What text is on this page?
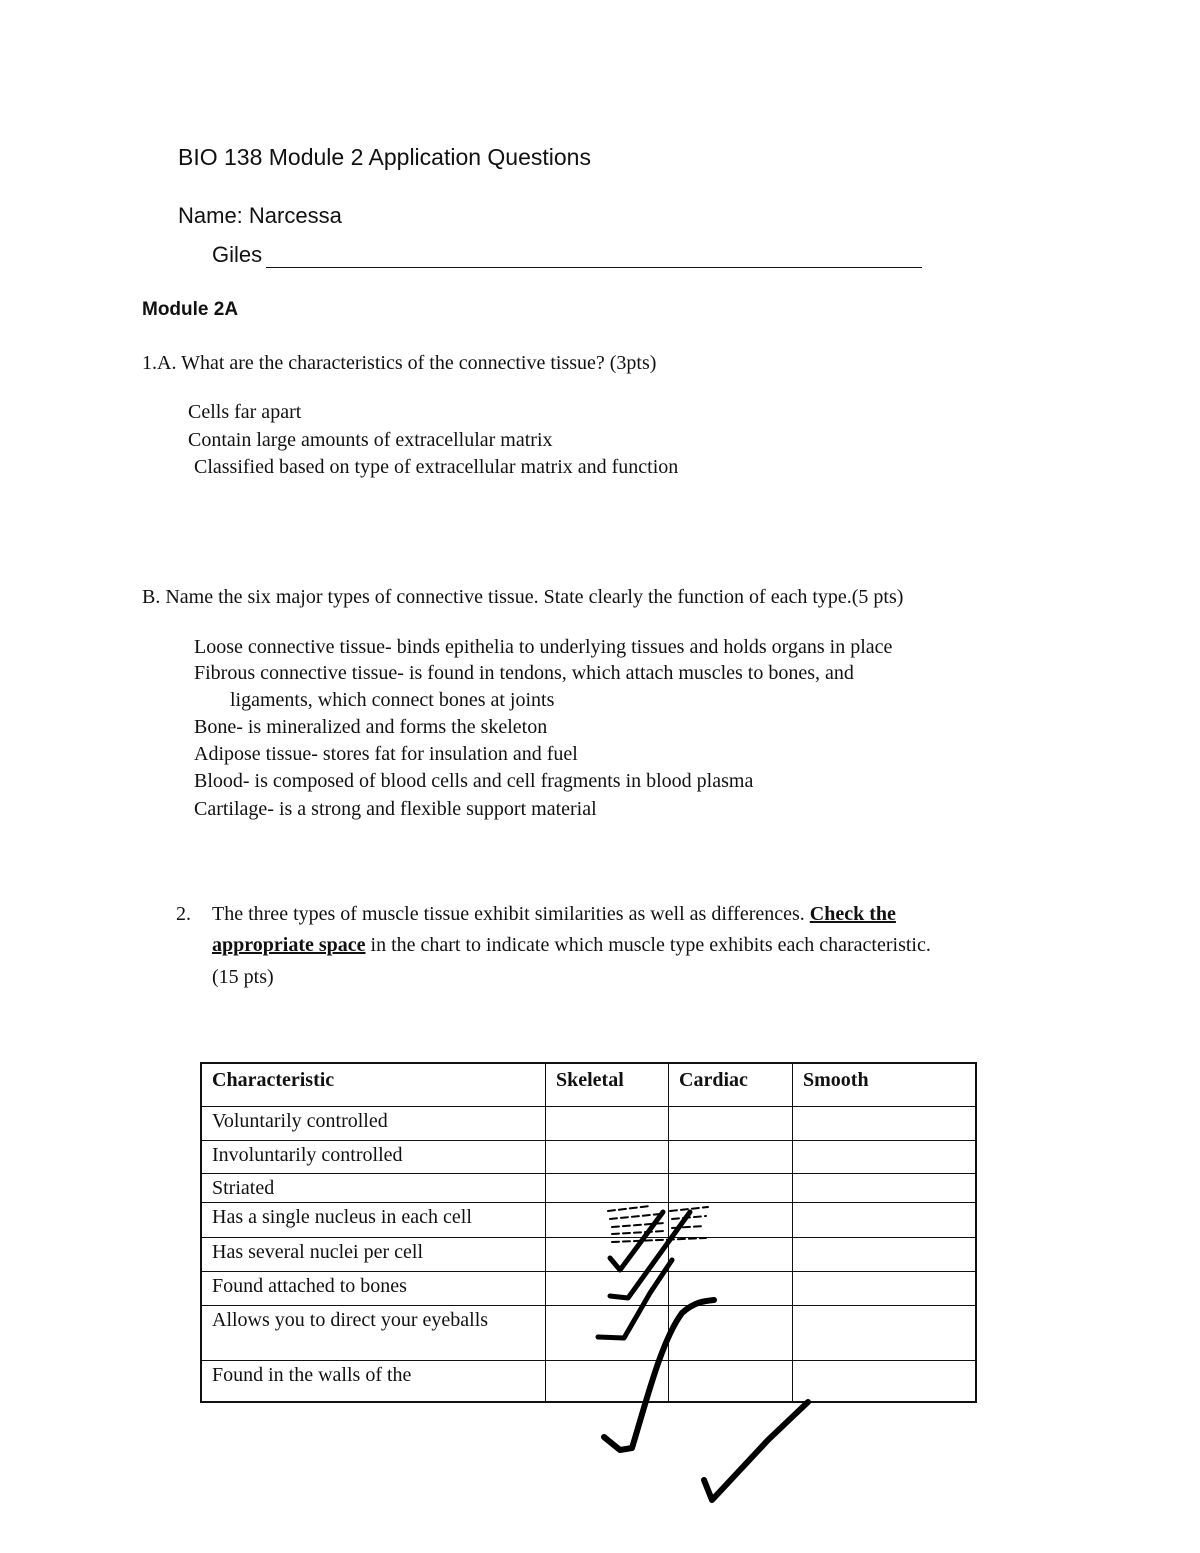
BIO 138 Module 2 Application Questions
Name: Narcessa
Giles
Module 2A
1.A. What are the characteristics of the connective tissue? (3pts)
Cells far apart
Contain large amounts of extracellular matrix
Classified based on type of extracellular matrix and function
B. Name the six major types of connective tissue. State clearly the function of each type.(5 pts)
Loose connective tissue- binds epithelia to underlying tissues and holds organs in place
Fibrous connective tissue- is found in tendons, which attach muscles to bones, and
ligaments, which connect bones at joints
Bone- is mineralized and forms the skeleton
Adipose tissue- stores fat for insulation and fuel
Blood- is composed of blood cells and cell fragments in blood plasma
Cartilage- is a strong and flexible support material
2. The three types of muscle tissue exhibit similarities as well as differences. Check the
appropriate space in the chart to indicate which muscle type exhibits each characteristic.
(15 pts)
Characteristic	Skeletal	Cardiac	Smooth
Voluntarily controlled
Involuntarily controlled
Striated
Has a single nucleus in each cell
Has several nuclei per cell
Found attached to bones
Allows you to direct your eyeballs
Found in the walls of the
